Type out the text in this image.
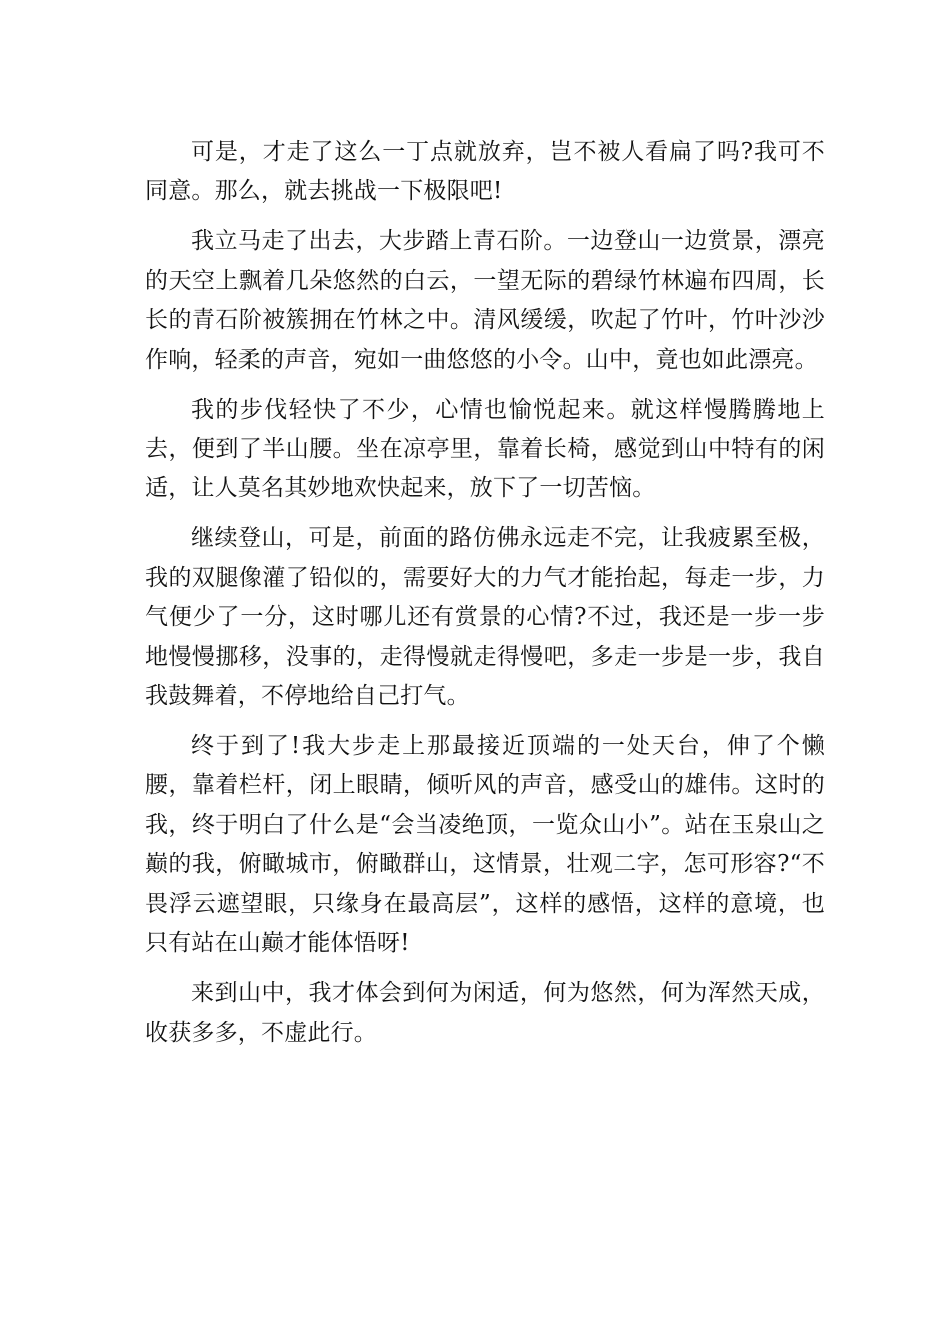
可是，才走了这么一丁点就放弃，岂不被人看扁了吗?我可不同意。那么，就去挑战一下极限吧!

我立马走了出去，大步踏上青石阶。一边登山一边赏景，漂亮的天空上飘着几朵悠然的白云，一望无际的碧绿竹林遍布四周，长长的青石阶被簇拥在竹林之中。清风缓缓，吹起了竹叶，竹叶沙沙作响，轻柔的声音，宛如一曲悠悠的小令。山中，竟也如此漂亮。

我的步伐轻快了不少，心情也愉悦起来。就这样慢腾腾地上去，便到了半山腰。坐在凉亭里，靠着长椅，感觉到山中特有的闲适，让人莫名其妙地欢快起来，放下了一切苦恼。

继续登山，可是，前面的路仿佛永远走不完，让我疲累至极，我的双腿像灌了铅似的，需要好大的力气才能抬起，每走一步，力气便少了一分，这时哪儿还有赏景的心情?不过，我还是一步一步地慢慢挪移，没事的，走得慢就走得慢吧，多走一步是一步，我自我鼓舞着，不停地给自己打气。

终于到了!我大步走上那最接近顶端的一处天台，伸了个懒腰，靠着栏杆，闭上眼睛，倾听风的声音，感受山的雄伟。这时的我，终于明白了什么是“会当凌绝顶，一览众山小”。站在玉泉山之巅的我，俯瞰城市，俯瞰群山，这情景，壮观二字，怎可形容?“不畏浮云遮望眼，只缘身在最高层”，这样的感悟，这样的意境，也只有站在山巅才能体悟呀!

来到山中，我才体会到何为闲适，何为悠然，何为浑然天成，收获多多，不虚此行。
